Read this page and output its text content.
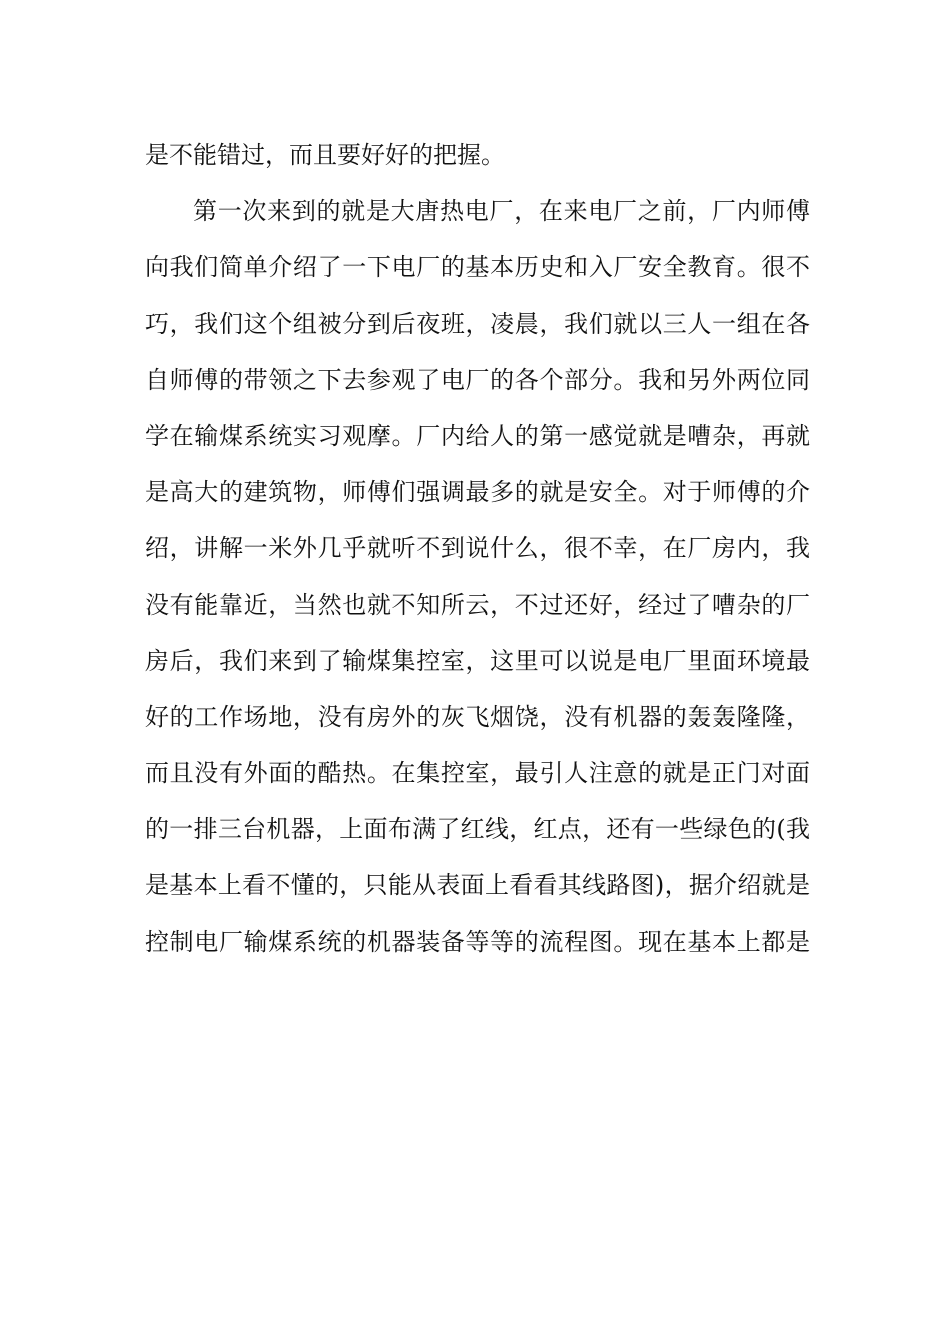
是不能错过，而且要好好的把握。
第一次来到的就是大唐热电厂，在来电厂之前，厂内师傅
向我们简单介绍了一下电厂的基本历史和入厂安全教育。很不
巧，我们这个组被分到后夜班，凌晨，我们就以三人一组在各
自师傅的带领之下去参观了电厂的各个部分。我和另外两位同
学在输煤系统实习观摩。厂内给人的第一感觉就是嘈杂，再就
是高大的建筑物，师傅们强调最多的就是安全。对于师傅的介
绍，讲解一米外几乎就听不到说什么，很不幸，在厂房内，我
没有能靠近，当然也就不知所云，不过还好，经过了嘈杂的厂
房后，我们来到了输煤集控室，这里可以说是电厂里面环境最
好的工作场地，没有房外的灰飞烟饶，没有机器的轰轰隆隆，
而且没有外面的酷热。在集控室，最引人注意的就是正门对面
的一排三台机器，上面布满了红线，红点，还有一些绿色的(我
是基本上看不懂的，只能从表面上看看其线路图)，据介绍就是
控制电厂输煤系统的机器装备等等的流程图。现在基本上都是
